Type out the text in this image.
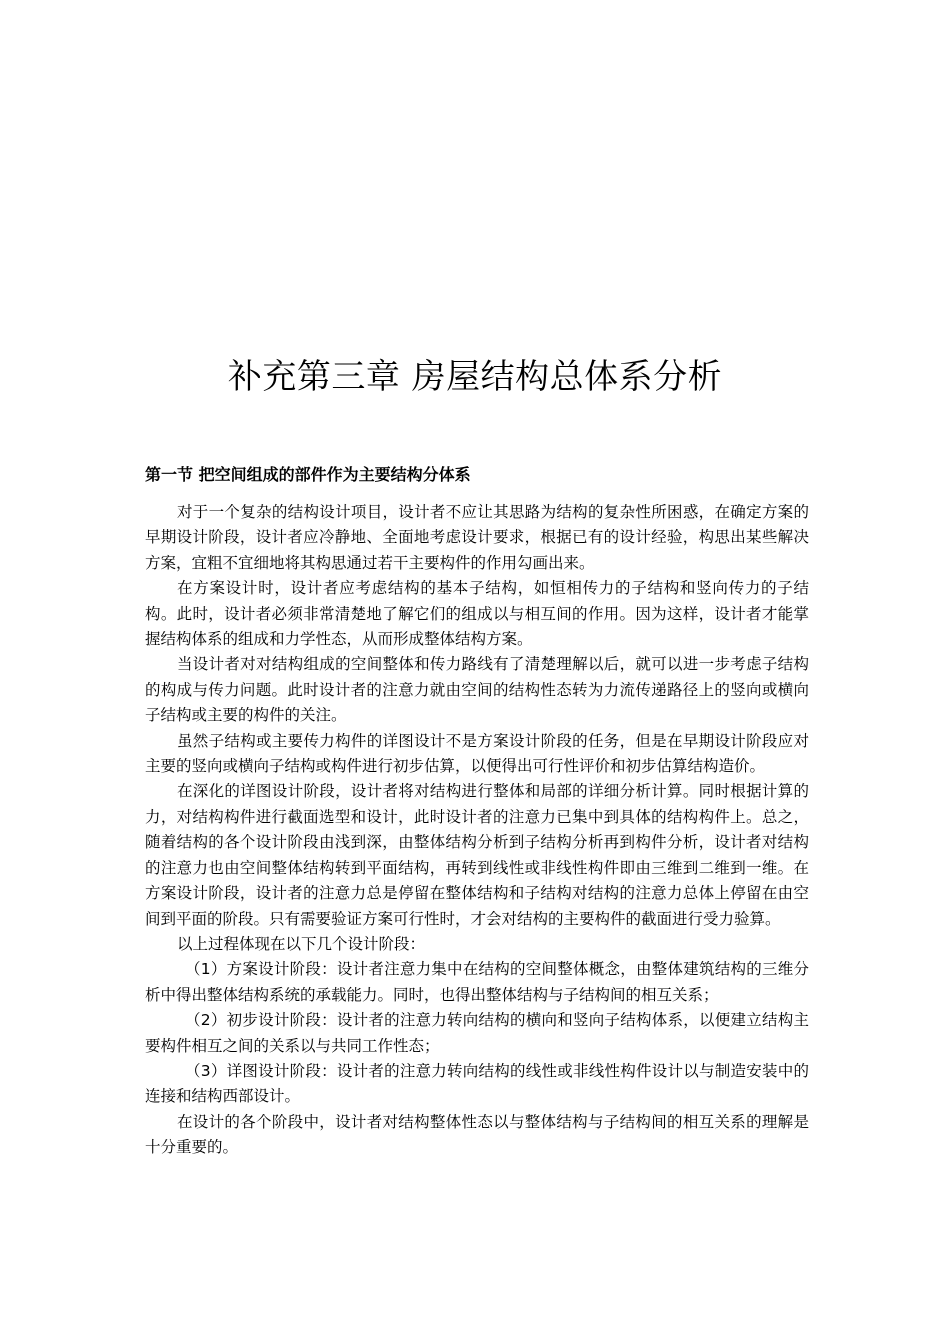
补充第三章 房屋结构总体系分析
第一节 把空间组成的部件作为主要结构分体系

对于一个复杂的结构设计项目，设计者不应让其思路为结构的复杂性所困惑，在确定方案的早期设计阶段，设计者应冷静地、全面地考虑设计要求，根据已有的设计经验，构思出某些解决方案，宜粗不宜细地将其构思通过若干主要构件的作用勾画出来。

在方案设计时，设计者应考虑结构的基本子结构，如恒相传力的子结构和竖向传力的子结构。此时，设计者必须非常清楚地了解它们的组成以与相互间的作用。因为这样，设计者才能掌握结构体系的组成和力学性态，从而形成整体结构方案。

当设计者对对结构组成的空间整体和传力路线有了清楚理解以后，就可以进一步考虑子结构的构成与传力问题。此时设计者的注意力就由空间的结构性态转为力流传递路径上的竖向或横向子结构或主要的构件的关注。

虽然子结构或主要传力构件的详图设计不是方案设计阶段的任务，但是在早期设计阶段应对主要的竖向或横向子结构或构件进行初步估算，以便得出可行性评价和初步估算结构造价。

在深化的详图设计阶段，设计者将对结构进行整体和局部的详细分析计算。同时根据计算的力，对结构构件进行截面选型和设计，此时设计者的注意力已集中到具体的结构构件上。总之，随着结构的各个设计阶段由浅到深，由整体结构分析到子结构分析再到构件分析，设计者对结构的注意力也由空间整体结构转到平面结构，再转到线性或非线性构件即由三维到二维到一维。在方案设计阶段，设计者的注意力总是停留在整体结构和子结构对结构的注意力总体上停留在由空间到平面的阶段。只有需要验证方案可行性时，才会对结构的主要构件的截面进行受力验算。

以上过程体现在以下几个设计阶段：

（1）方案设计阶段：设计者注意力集中在结构的空间整体概念，由整体建筑结构的三维分析中得出整体结构系统的承载能力。同时，也得出整体结构与子结构间的相互关系；

（2）初步设计阶段：设计者的注意力转向结构的横向和竖向子结构体系，以便建立结构主要构件相互之间的关系以与共同工作性态；

（3）详图设计阶段：设计者的注意力转向结构的线性或非线性构件设计以与制造安装中的连接和结构西部设计。

在设计的各个阶段中，设计者对结构整体性态以与整体结构与子结构间的相互关系的理解是十分重要的。
